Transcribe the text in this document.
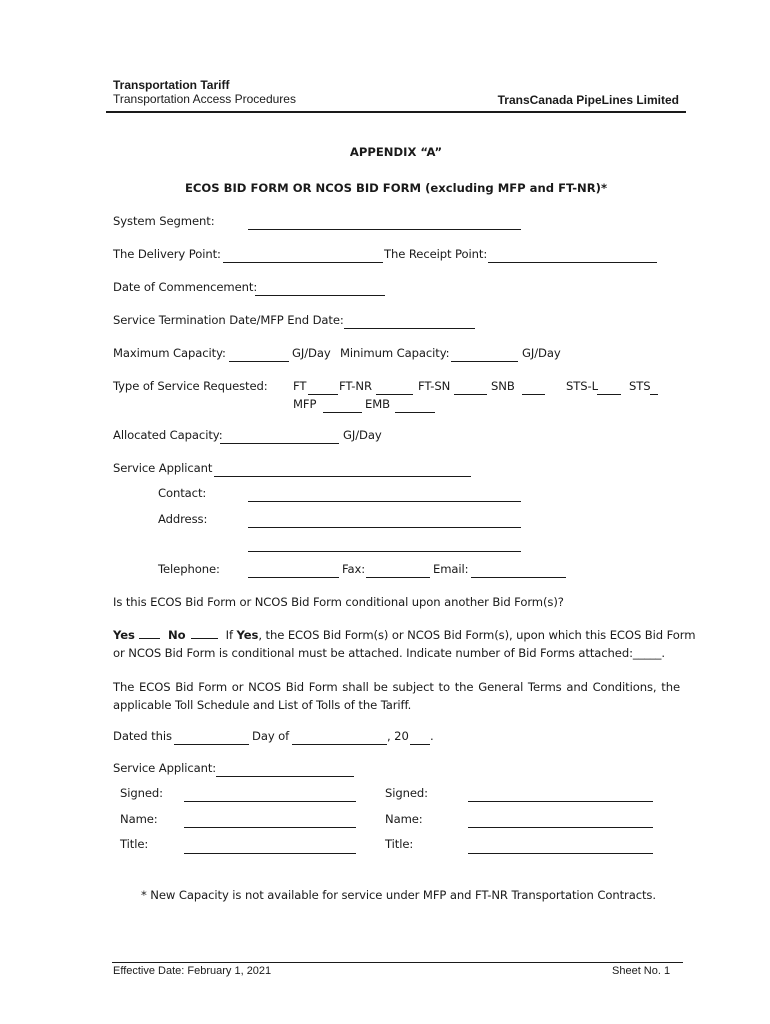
Transportation Tariff
Transportation Access Procedures	TransCanada PipeLines Limited
APPENDIX “A”
ECOS BID FORM OR NCOS BID FORM (excluding MFP and FT-NR)*
System Segment:
The Delivery Point:	The Receipt Point:
Date of Commencement:
Service Termination Date/MFP End Date:
Maximum Capacity:	GJ/Day Minimum Capacity:	GJ/Day
Type of Service Requested: FT	FT-NR	FT-SN	SNB	STS-L	STS
MFP	EMB
Allocated Capacity:	GJ/Day
Service Applicant
Contact:
Address:
Telephone:	Fax:	Email:
Is this ECOS Bid Form or NCOS Bid Form conditional upon another Bid Form(s)?
Yes	No	If Yes, the ECOS Bid Form(s) or NCOS Bid Form(s), upon which this ECOS Bid Form
or NCOS Bid Form is conditional must be attached. Indicate number of Bid Forms attached:_____.
The ECOS Bid Form or NCOS Bid Form shall be subject to the General Terms and Conditions, the applicable Toll Schedule and List of Tolls of the Tariff.
Dated this	Day of	, 20 .
Service Applicant:
Signed:	Signed:
Name:	Name:
Title:	Title:
* New Capacity is not available for service under MFP and FT-NR Transportation Contracts.
Effective Date: February 1, 2021	Sheet No. 1
